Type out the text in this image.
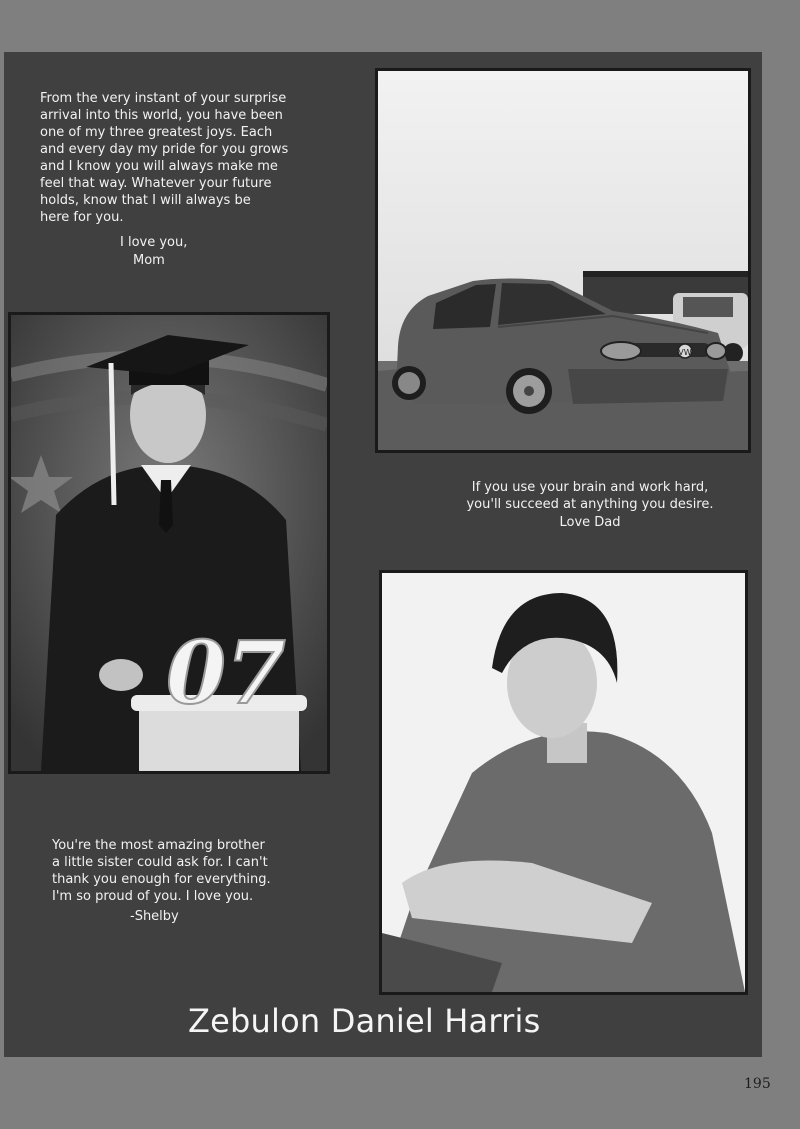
From the very instant of your surprise
arrival into this world, you have been
one of my three greatest joys. Each
and every day my pride for you grows
and I know you will always make me
feel that way. Whatever your future
holds, know that I will always be
here for you.
I love you,
Mom
VW
07
If you use your brain and work hard,
you'll succeed at anything you desire.
Love Dad
You're the most amazing brother
a little sister could ask for. I can't
thank you enough for everything.
I'm so proud of you. I love you.
-Shelby
Zebulon Daniel Harris
195
